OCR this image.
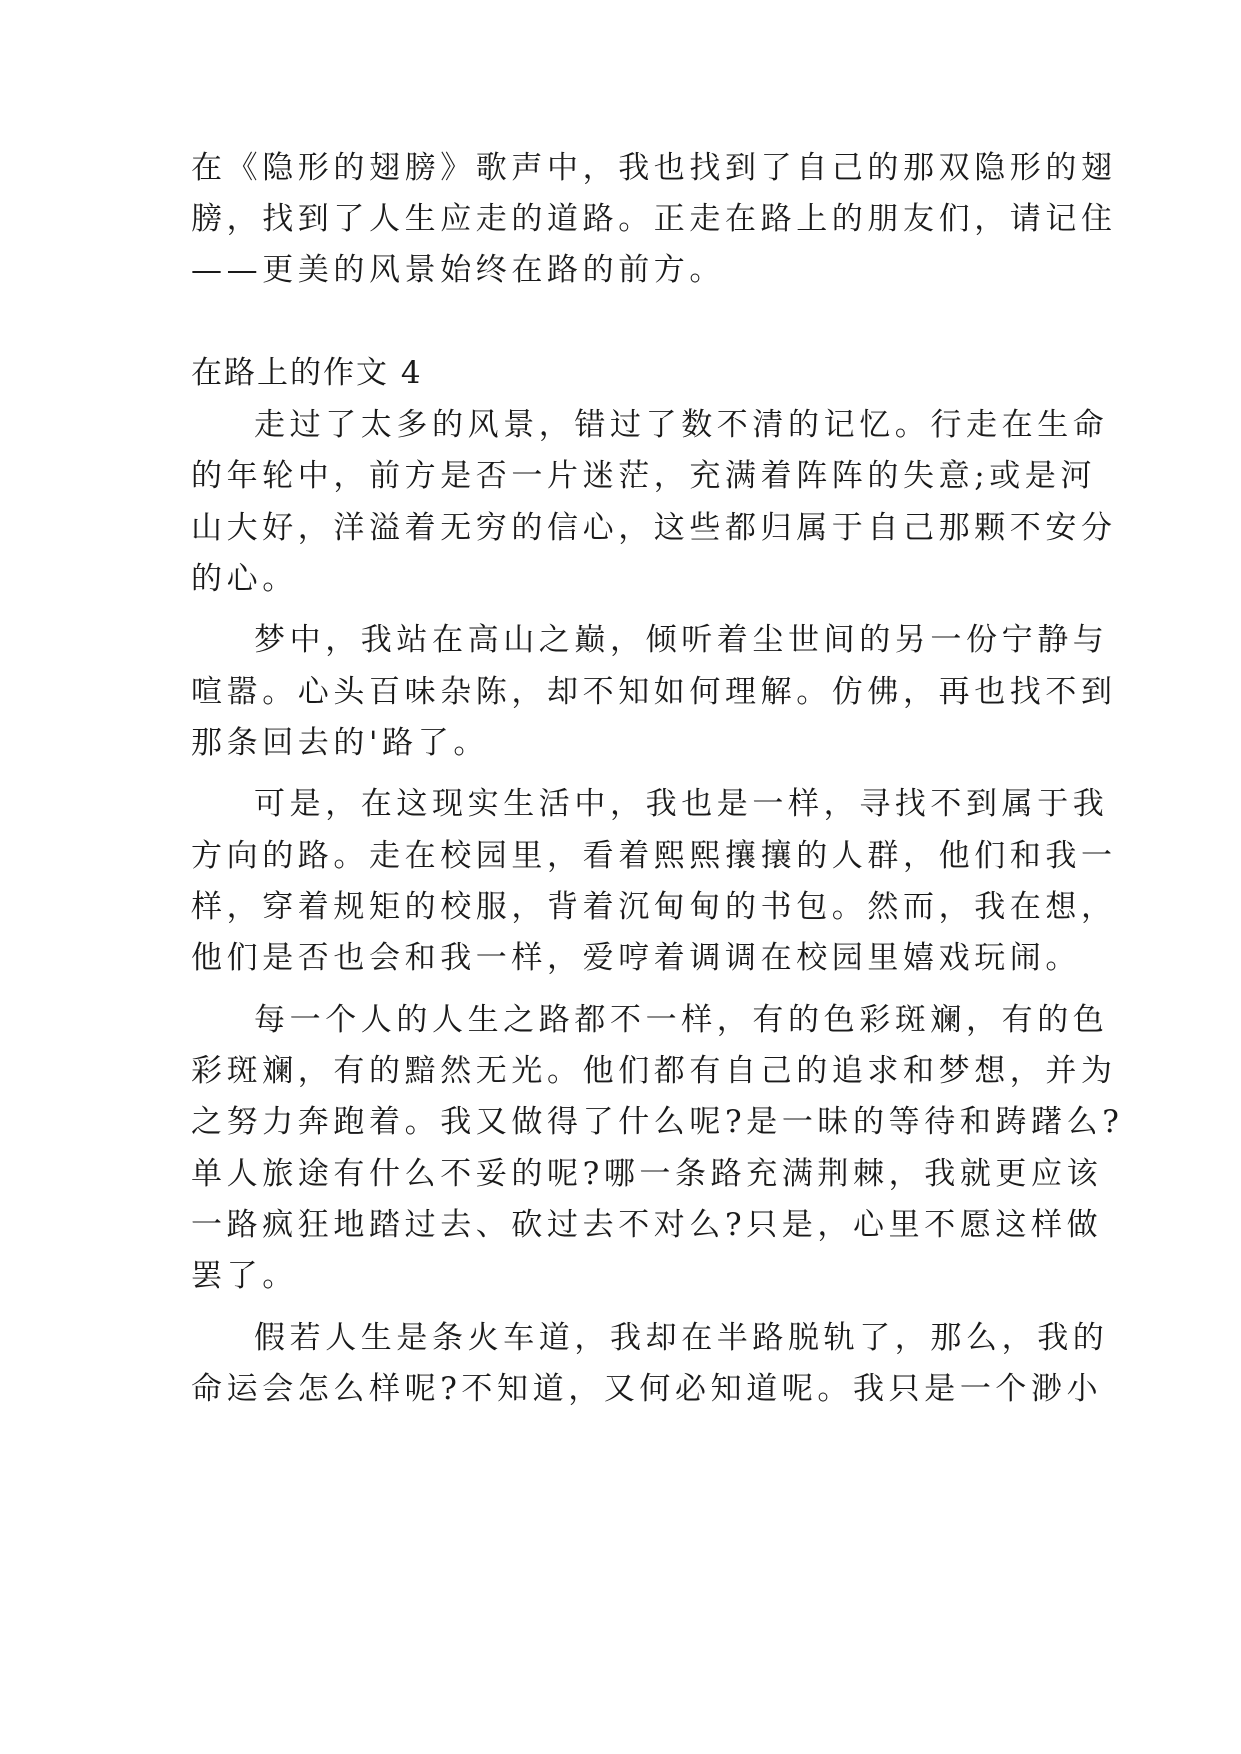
在《隐形的翅膀》歌声中，我也找到了自己的那双隐形的翅

膀，找到了人生应走的道路。正走在路上的朋友们，请记住

——更美的风景始终在路的前方。

在路上的作文 4

走过了太多的风景，错过了数不清的记忆。行走在生命

的年轮中，前方是否一片迷茫，充满着阵阵的失意;或是河

山大好，洋溢着无穷的信心，这些都归属于自己那颗不安分

的心。

梦中，我站在高山之巅，倾听着尘世间的另一份宁静与

喧嚣。心头百味杂陈，却不知如何理解。仿佛，再也找不到

那条回去的'路了。

可是，在这现实生活中，我也是一样，寻找不到属于我

方向的路。走在校园里，看着熙熙攘攘的人群，他们和我一

样，穿着规矩的校服，背着沉甸甸的书包。然而，我在想，

他们是否也会和我一样，爱哼着调调在校园里嬉戏玩闹。

每一个人的人生之路都不一样，有的色彩斑斓，有的色

彩斑斓，有的黯然无光。他们都有自己的追求和梦想，并为

之努力奔跑着。我又做得了什么呢?是一昧的等待和踌躇么?

单人旅途有什么不妥的呢?哪一条路充满荆棘，我就更应该

一路疯狂地踏过去、砍过去不对么?只是，心里不愿这样做

罢了。

假若人生是条火车道，我却在半路脱轨了，那么，我的

命运会怎么样呢?不知道，又何必知道呢。我只是一个渺小
